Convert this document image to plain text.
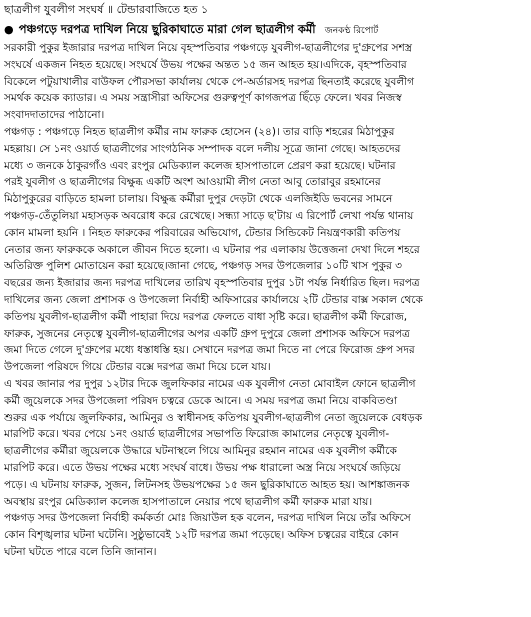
ছাত্রলীগ যুবলীগ সংঘর্ষ ॥ টেন্ডারবাজিতে হত ১
● পঞ্চগড়ে দরপত্র দাখিল নিয়ে ছুরিকাঘাতে মারা গেল ছাত্রলীগ কর্মী জনকণ্ঠ রিপোর্ট
সরকারী পুকুর ইজারার দরপত্র দাখিল নিয়ে বৃহস্পতিবার পঞ্চগড়ে যুবলীগ-ছাত্রলীগের দু'গ্রুপের সশস্ত্র
সংঘর্ষে একজন নিহত হয়েছে। সংঘর্ষে উভয় পক্ষের অন্তত ১৫ জন আহত হয়।এদিকে, বৃহস্পতিবার
বিকেলে পটুয়াখালীর বাউফল পৌরসভা কার্যালয় থেকে পে-অর্ডারসহ দরপত্র ছিনতাই করেছে যুবলীগ
সমর্থক কয়েক ক্যাডার। এ সময় সন্ত্রাসীরা অফিসের গুরুত্বপূর্ণ কাগজপত্র ছিঁড়ে ফেলে। খবর নিজস্ব
সংবাদদাতাদের পাঠানো।
পঞ্চগড় : পঞ্চগড়ে নিহত ছাত্রলীগ কর্মীর নাম ফারুক হোসেন (২৪)। তার বাড়ি শহরের মিঠাপুকুর
মহল্লায়। সে ১নং ওয়ার্ড ছাত্রলীগের সাংগঠনিক সম্পাদক বলে দলীয় সূত্রে জানা গেছে। আহতদের
মধ্যে ৩ জনকে ঠাকুরগাঁও এবং রংপুর মেডিক্যাল কলেজ হাসপাতালে প্রেরণ করা হয়েছে। ঘটনার
পরই যুবলীগ ও ছাত্রলীগের বিক্ষুব্ধ একটি অংশ আওয়ামী লীগ নেতা আবু তোরাবুর রহমানের
মিঠাপুকুরের বাড়িতে হামলা চালায়। বিক্ষুব্ধ কর্মীরা দুপুর দেড়টা থেকে এলজিইডি ভবনের সামনে
পঞ্চগড়-তেঁতুলিয়া মহাসড়ক অবরোধ করে রেখেছে। সন্ধ্যা সাড়ে ছ'টায় এ রিপোর্ট লেখা পর্যন্ত থানায়
কোন মামলা হয়নি । নিহত ফারুকের পরিবারের অভিযোগ, টেন্ডার সিন্ডিকেট নিয়ন্ত্রণকারী কতিপয়
নেতার জন্য ফারুককে অকালে জীবন দিতে হলো। এ ঘটনার পর এলাকায় উত্তেজনা দেখা দিলে শহরে
অতিরিক্ত পুলিশ মোতায়েন করা হয়েছে।জানা গেছে, পঞ্চগড় সদর উপজেলার ১০টি খাস পুকুর ৩
বছরের জন্য ইজারার জন্য দরপত্র দাখিলের তারিখ বৃহস্পতিবার দুপুর ১টা পর্যন্ত নির্ধারিত ছিল। দরপত্র
দাখিলের জন্য জেলা প্রশাসক ও উপজেলা নির্বাহী অফিসারের কার্যালয়ে ২টি টেন্ডার বাক্স সকাল থেকে
কতিপয় যুবলীগ-ছাত্রলীগ কর্মী পাহারা দিয়ে দরপত্র ফেলতে বাধা সৃষ্টি করে। ছাত্রলীগ কর্মী ফিরোজ,
ফারুক, সুজনের নেতৃত্বে যুবলীগ-ছাত্রলীগের অপর একটি গ্রুপ দুপুরে জেলা প্রশাসক অফিসে দরপত্র
জমা দিতে গেলে দু'গ্রুপের মধ্যে ধস্তাধস্তি হয়। সেখানে দরপত্র জমা দিতে না পেরে ফিরোজ গ্রুপ সদর
উপজেলা পরিষদে গিয়ে টেন্ডার বক্সে দরপত্র জমা দিয়ে চলে যায়।
এ খবর জানার পর দুপুর ১২টার দিকে জুলফিকার নামের এক যুবলীগ নেতা মোবাইল ফোনে ছাত্রলীগ
কর্মী জুয়েলকে সদর উপজেলা পরিষদ চত্বরে ডেকে আনে। এ সময় দরপত্র জমা নিয়ে বাকবিতণ্ডা
শুরুর এক পর্যায়ে জুলফিকার, আমিনুর ও স্বাধীনসহ কতিপয় যুবলীগ-ছাত্রলীগ নেতা জুয়েলকে বেধড়ক
মারপিট করে। খবর পেয়ে ১নং ওয়ার্ড ছাত্রলীগের সভাপতি ফিরোজ কামালের নেতৃত্বে যুবলীগ-
ছাত্রলীগের কর্মীরা জুয়েলকে উদ্ধারে ঘটনাস্থলে গিয়ে আমিনুর রহমান নামের এক যুবলীগ কর্মীকে
মারপিট করে। এতে উভয় পক্ষের মধ্যে সংঘর্ষ বাধে। উভয় পক্ষ ধারালো অস্ত্র নিয়ে সংঘর্ষে জড়িয়ে
পড়ে। এ ঘটনায় ফারুক, সুজন, লিটনসহ উভয়পক্ষের ১৫ জন ছুরিকাঘাতে আহত হয়। আশঙ্কাজনক
অবস্থায় রংপুর মেডিক্যাল কলেজ হাসপাতালে নেয়ার পথে ছাত্রলীগ কর্মী ফারুক মারা যায়।
পঞ্চগড় সদর উপজেলা নির্বাহী কর্মকর্তা মোঃ জিয়াউল হক বলেন, দরপত্র দাখিল নিয়ে তাঁর অফিসে
কোন বিশৃঙ্খলার ঘটনা ঘটেনি। সুষ্ঠুভাবেই ১২টি দরপত্র জমা পড়েছে। অফিস চত্বরের বাইরে কোন
ঘটনা ঘটতে পারে বলে তিনি জানান।
